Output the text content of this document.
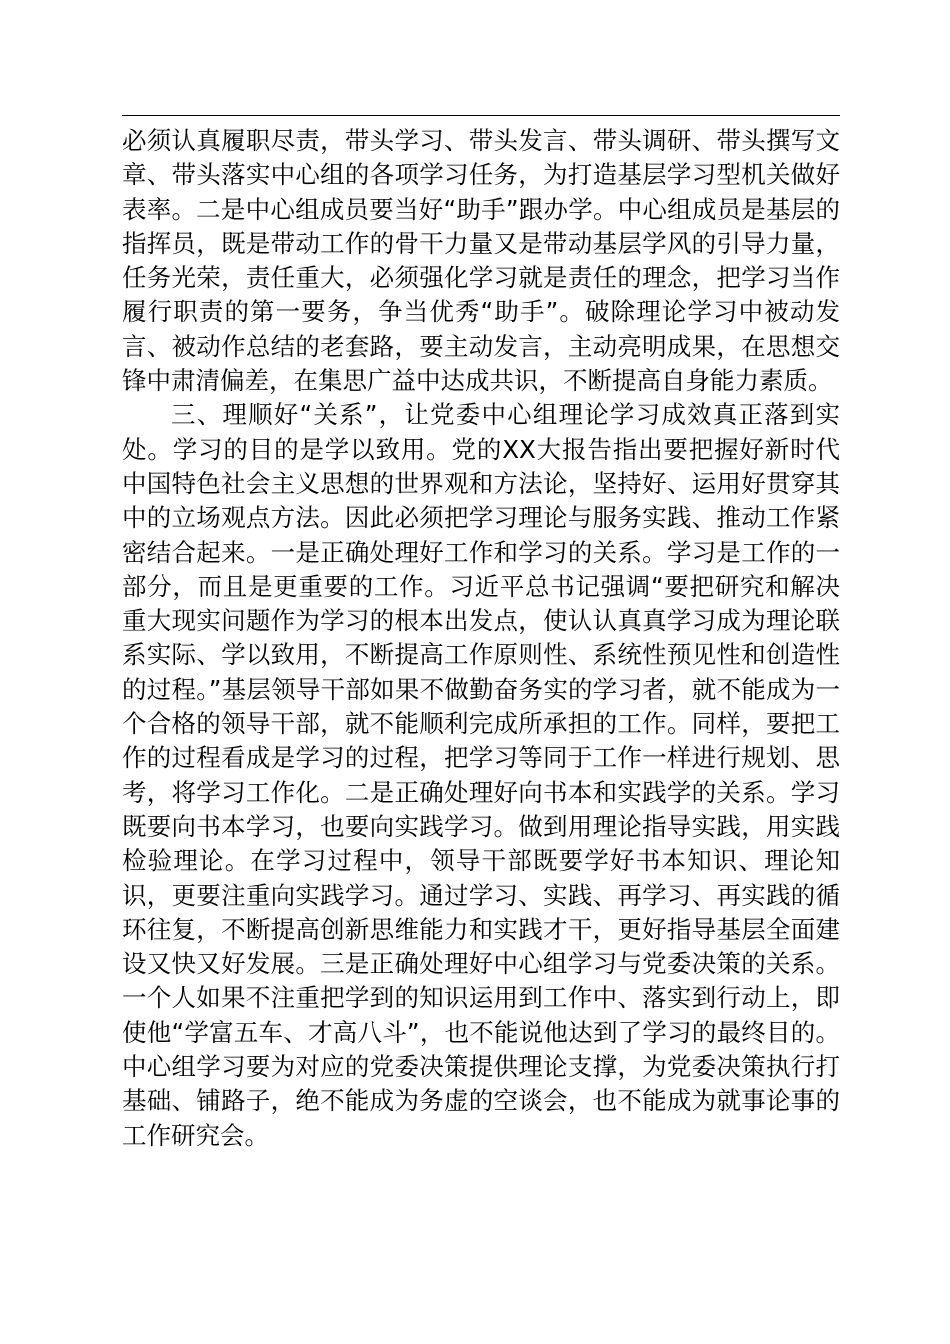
必须认真履职尽责，带头学习、带头发言、带头调研、带头撰写文章、带头落实中心组的各项学习任务，为打造基层学习型机关做好表率。二是中心组成员要当好“助手”跟办学。中心组成员是基层的指挥员，既是带动工作的骨干力量又是带动基层学风的引导力量，任务光荣，责任重大，必须强化学习就是责任的理念，把学习当作履行职责的第一要务，争当优秀“助手”。破除理论学习中被动发言、被动作总结的老套路，要主动发言，主动亮明成果，在思想交锋中肃清偏差，在集思广益中达成共识，不断提高自身能力素质。

三、理顺好“关系”，让党委中心组理论学习成效真正落到实处。学习的目的是学以致用。党的XX大报告指出要把握好新时代中国特色社会主义思想的世界观和方法论，坚持好、运用好贯穿其中的立场观点方法。因此必须把学习理论与服务实践、推动工作紧密结合起来。一是正确处理好工作和学习的关系。学习是工作的一部分，而且是更重要的工作。习近平总书记强调“要把研究和解决重大现实问题作为学习的根本出发点，使认认真真学习成为理论联系实际、学以致用，不断提高工作原则性、系统性预见性和创造性的过程。”基层领导干部如果不做勤奋务实的学习者，就不能成为一个合格的领导干部，就不能顺利完成所承担的工作。同样，要把工作的过程看成是学习的过程，把学习等同于工作一样进行规划、思考，将学习工作化。二是正确处理好向书本和实践学的关系。学习既要向书本学习，也要向实践学习。做到用理论指导实践，用实践检验理论。在学习过程中，领导干部既要学好书本知识、理论知识，更要注重向实践学习。通过学习、实践、再学习、再实践的循环往复，不断提高创新思维能力和实践才干，更好指导基层全面建设又快又好发展。三是正确处理好中心组学习与党委决策的关系。一个人如果不注重把学到的知识运用到工作中、落实到行动上，即使他“学富五车、才高八斗”，也不能说他达到了学习的最终目的。中心组学习要为对应的党委决策提供理论支撑，为党委决策执行打基础、铺路子，绝不能成为务虚的空谈会，也不能成为就事论事的工作研究会。
